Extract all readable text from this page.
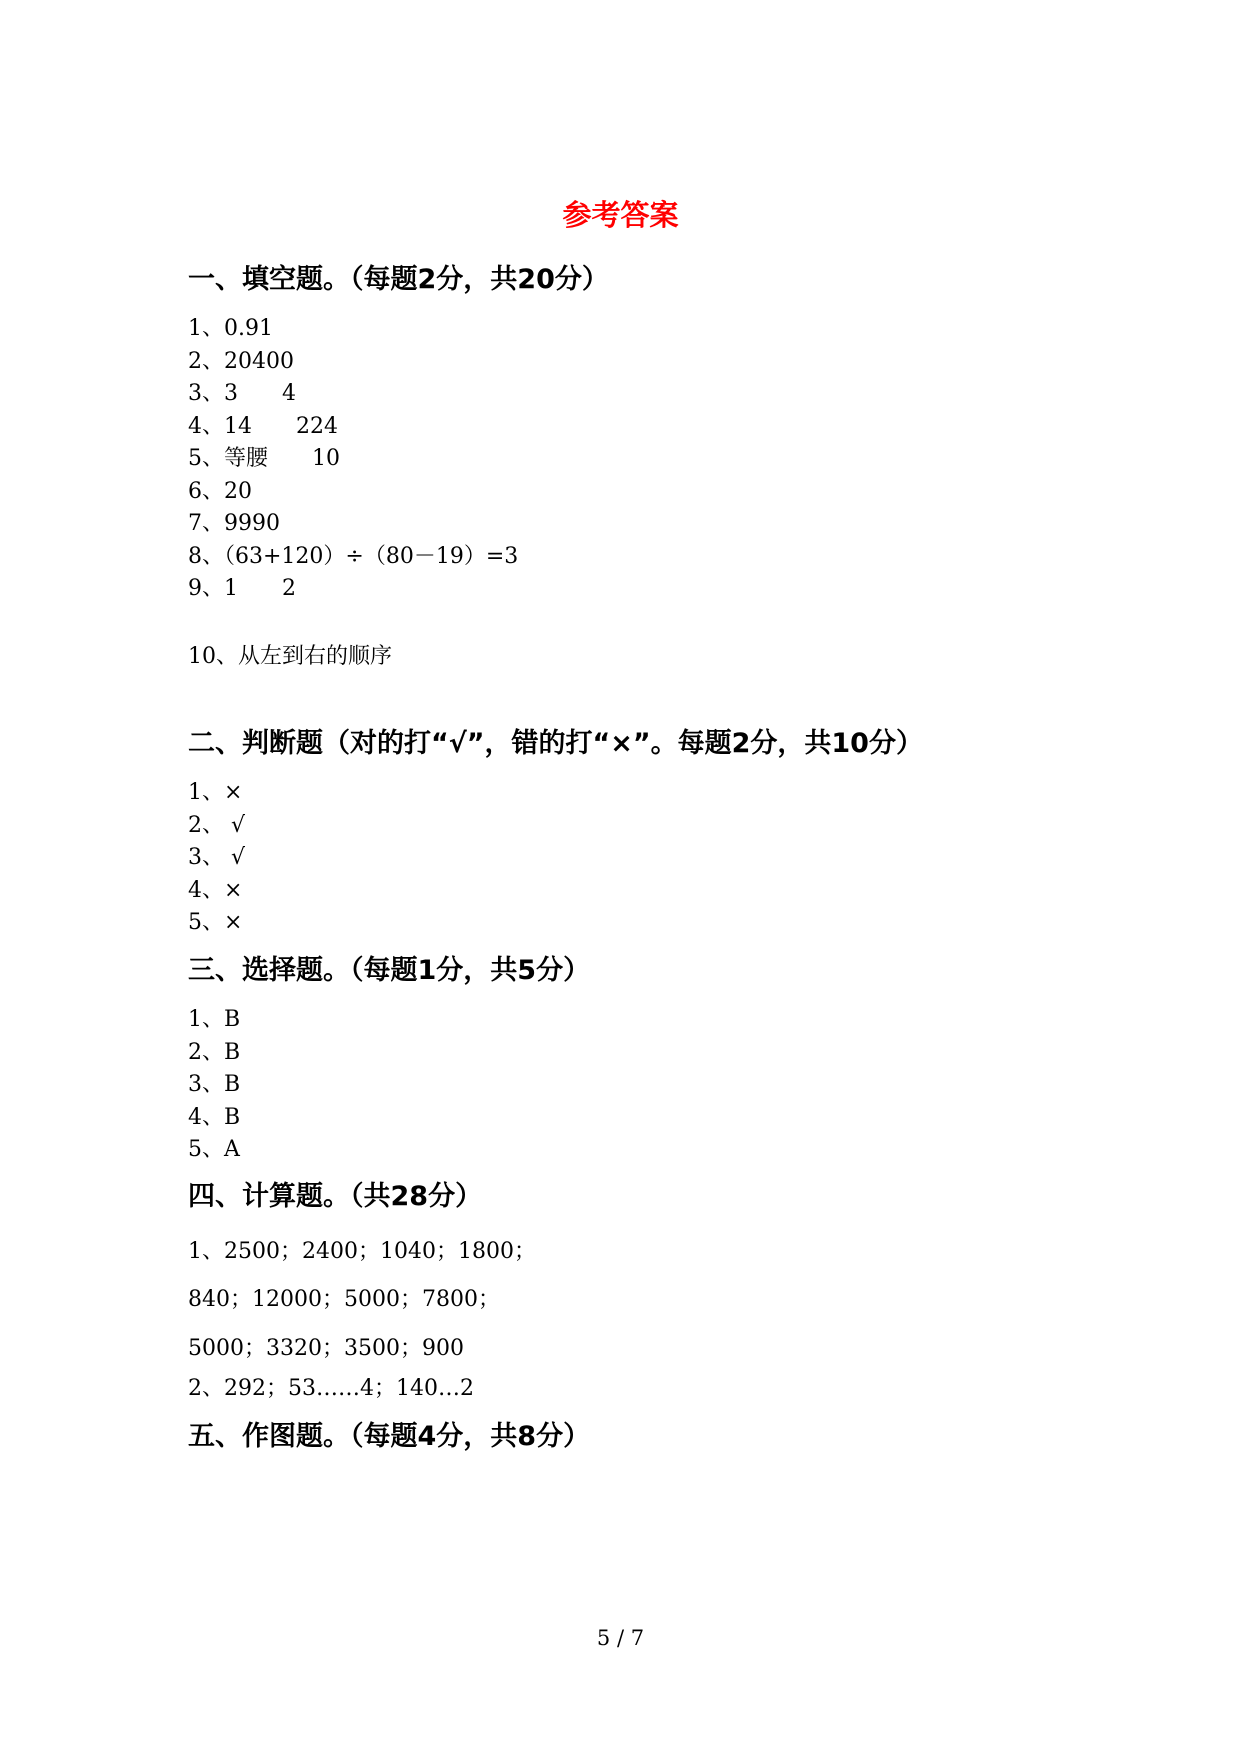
参考答案
一、填空题。（每题2分，共20分）
1、0.91
2、20400
3、3　　4
4、14　　224
5、等腰　　10
6、20
7、9990
8、（63+120）÷（80－19）=3
9、1　　2
10、从左到右的顺序
二、判断题（对的打“√”，错的打“×”。每题2分，共10分）
1、×
2、 √
3、 √
4、×
5、×
三、选择题。（每题1分，共5分）
1、B
2、B
3、B
4、B
5、A
四、计算题。（共28分）
1、2500；2400；1040；1800；
840；12000；5000；7800；
5000；3320；3500；900
2、292；53……4；140…2
五、作图题。（每题4分，共8分）
5 / 7
